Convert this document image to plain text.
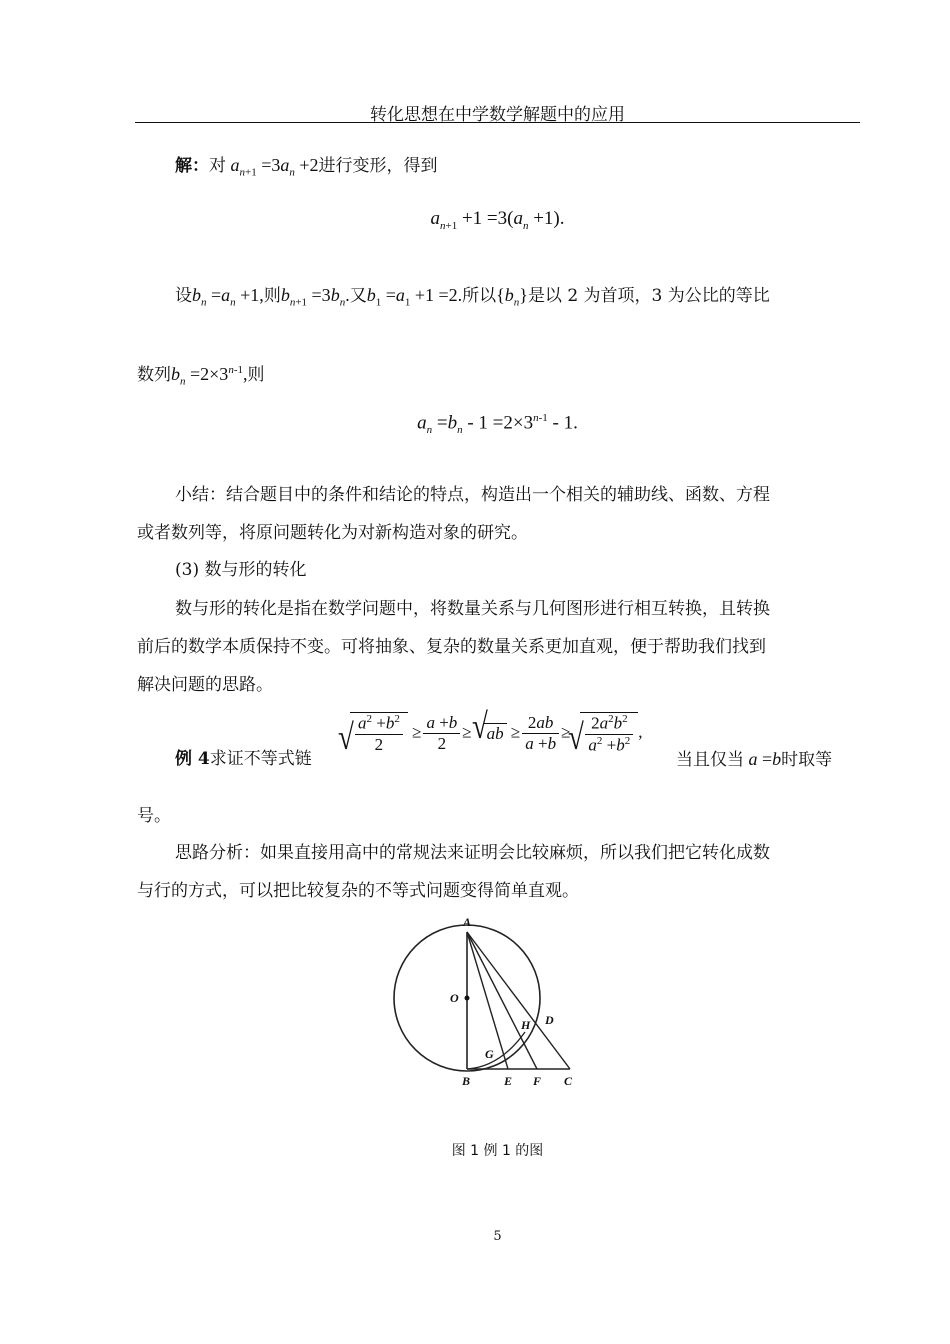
转化思想在中学数学解题中的应用
解：对 $a_{n+1} =3a_n +2$进行变形，得到
$a_{n+1} +1 =3(a_n +1)$.
设$b_n =a_n +1$,则$b_{n+1} =3b_n$.又$b_1 =a_1 +1 =2$.所以$\{b_n\}$是以 2 为首项，3 为公比的等比
数列$b_n =2\times 3^{n-1}$,则
$a_n =b_n - 1 =2\times 3^{n-1} - 1$.
小结：结合题目中的条件和结论的特点，构造出一个相关的辅助线、函数、方程
或者数列等，将原问题转化为对新构造对象的研究。
(3) 数与形的转化
数与形的转化是指在数学问题中，将数量关系与几何图形进行相互转换，且转换
前后的数学本质保持不变。可将抽象、复杂的数量关系更加直观，便于帮助我们找到
解决问题的思路。
例 4求证不等式链
√ $\frac{a^2 +b^2}{2} \ge \frac{a +b}{2}$ ≥ √ ab ≥ $\frac{2ab}{a +b}$ ≥ √ $\frac{2a^2b^2}{a^2 +b^2}$ ,
当且仅当 a =b时取等
号。
思路分析：如果直接用高中的常规法来证明会比较麻烦，所以我们把它转化成数
与行的方式，可以把比较复杂的不等式问题变得简单直观。
A
O
H D
G
B	E F C
图 1 例 1 的图
5
